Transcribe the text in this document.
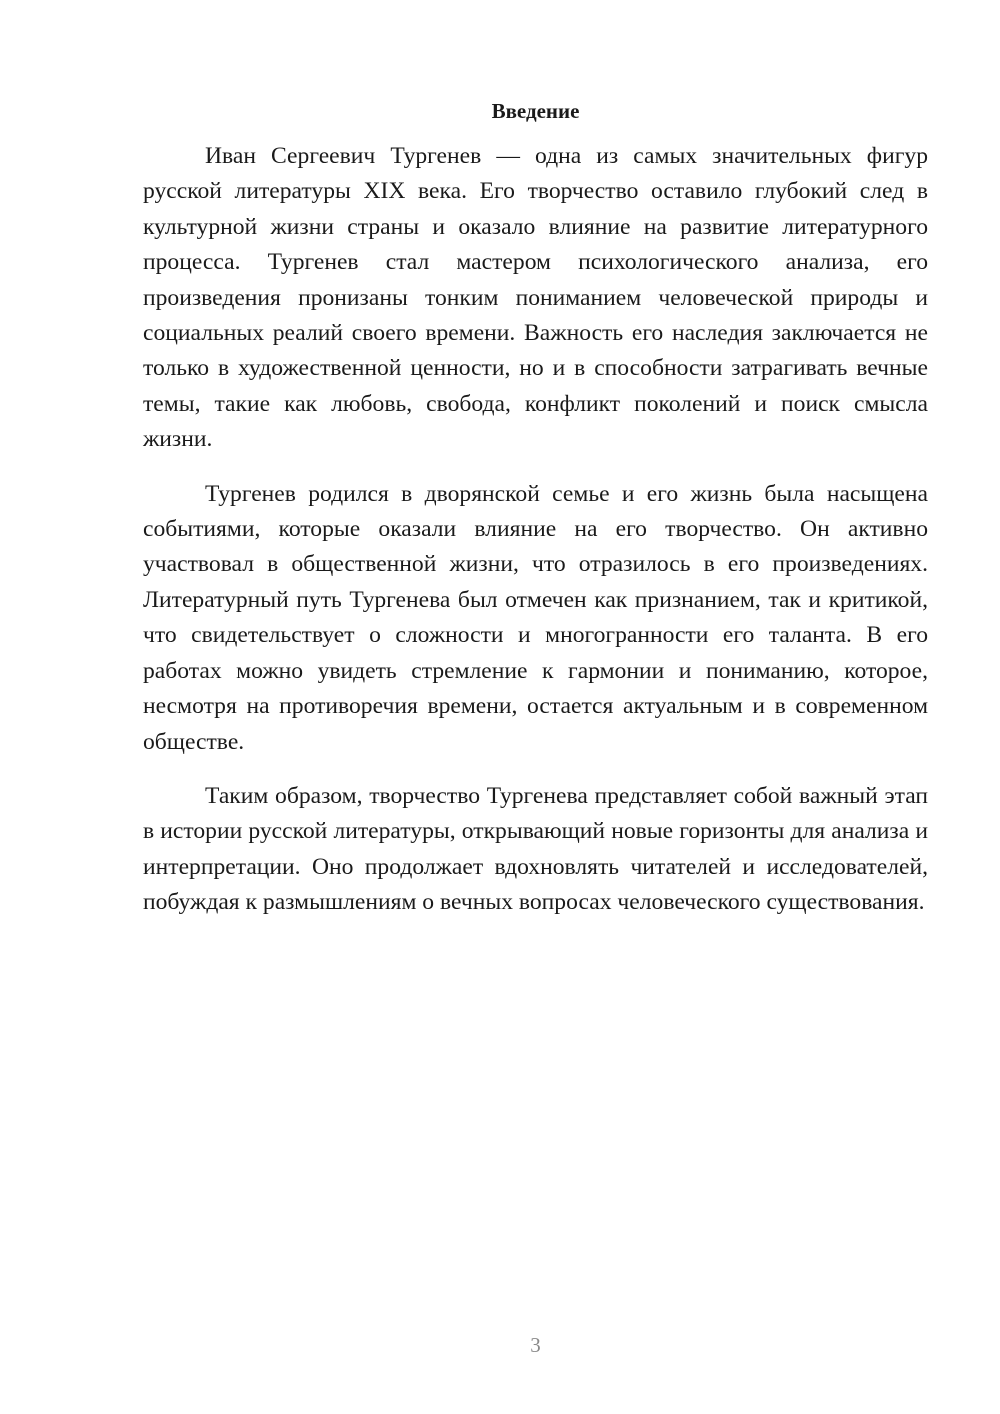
Введение

Иван Сергеевич Тургенев — одна из самых значительных фигур русской литературы XIX века. Его творчество оставило глубокий след в культурной жизни страны и оказало влияние на развитие литературного процесса. Тургенев стал мастером психологического анализа, его произведения пронизаны тонким пониманием человеческой природы и социальных реалий своего времени. Важность его наследия заключается не только в художественной ценности, но и в способности затрагивать вечные темы, такие как любовь, свобода, конфликт поколений и поиск смысла жизни.

Тургенев родился в дворянской семье и его жизнь была насыщена событиями, которые оказали влияние на его творчество. Он активно участвовал в общественной жизни, что отразилось в его произведениях. Литературный путь Тургенева был отмечен как признанием, так и критикой, что свидетельствует о сложности и многогранности его таланта. В его работах можно увидеть стремление к гармонии и пониманию, которое, несмотря на противоречия времени, остается актуальным и в современном обществе.

Таким образом, творчество Тургенева представляет собой важный этап в истории русской литературы, открывающий новые горизонты для анализа и интерпретации. Оно продолжает вдохновлять читателей и исследователей, побуждая к размышлениям о вечных вопросах человеческого существования.

3
